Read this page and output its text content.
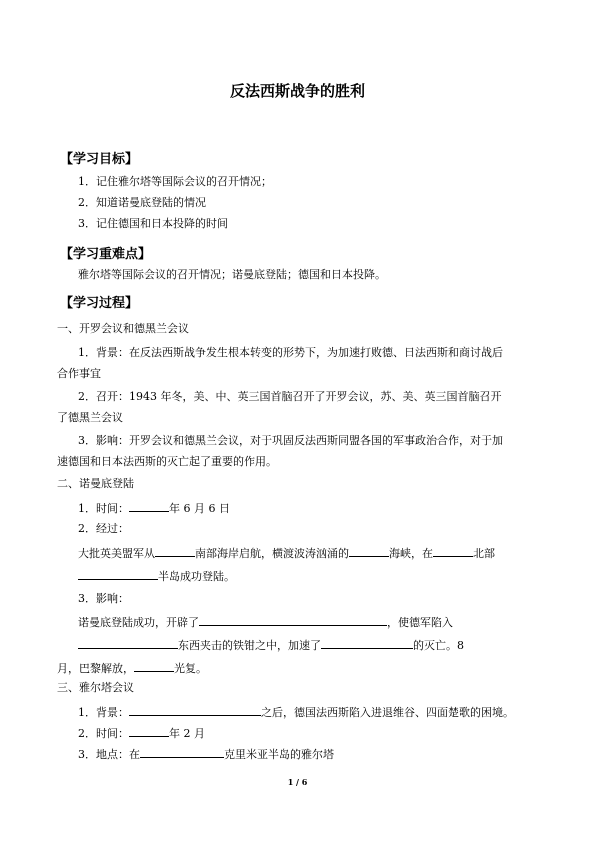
反法西斯战争的胜利
【学习目标】
1．记住雅尔塔等国际会议的召开情况；
2．知道诺曼底登陆的情况
3．记住德国和日本投降的时间
【学习重难点】
雅尔塔等国际会议的召开情况；诺曼底登陆；德国和日本投降。
【学习过程】
一、开罗会议和德黑兰会议
1．背景：在反法西斯战争发生根本转变的形势下，为加速打败德、日法西斯和商讨战后
合作事宜
2．召开：1943 年冬，美、中、英三国首脑召开了开罗会议，苏、美、英三国首脑召开
了德黑兰会议
3．影响：开罗会议和德黑兰会议，对于巩固反法西斯同盟各国的军事政治合作，对于加
速德国和日本法西斯的灭亡起了重要的作用。
二、诺曼底登陆
1．时间：	年 6 月 6 日
2．经过：
大批英美盟军从	南部海岸启航，横渡波涛汹涌的	海峡，在	北部
半岛成功登陆。
3．影响：
诺曼底登陆成功，开辟了	，使德军陷入
东西夹击的铁钳之中，加速了	的灭亡。8
月，巴黎解放，	光复。
三、雅尔塔会议
1．背景：	之后，德国法西斯陷入进退维谷、四面楚歌的困境。
2．时间：	年 2 月
3．地点：在	克里米亚半岛的雅尔塔
1 / 6
